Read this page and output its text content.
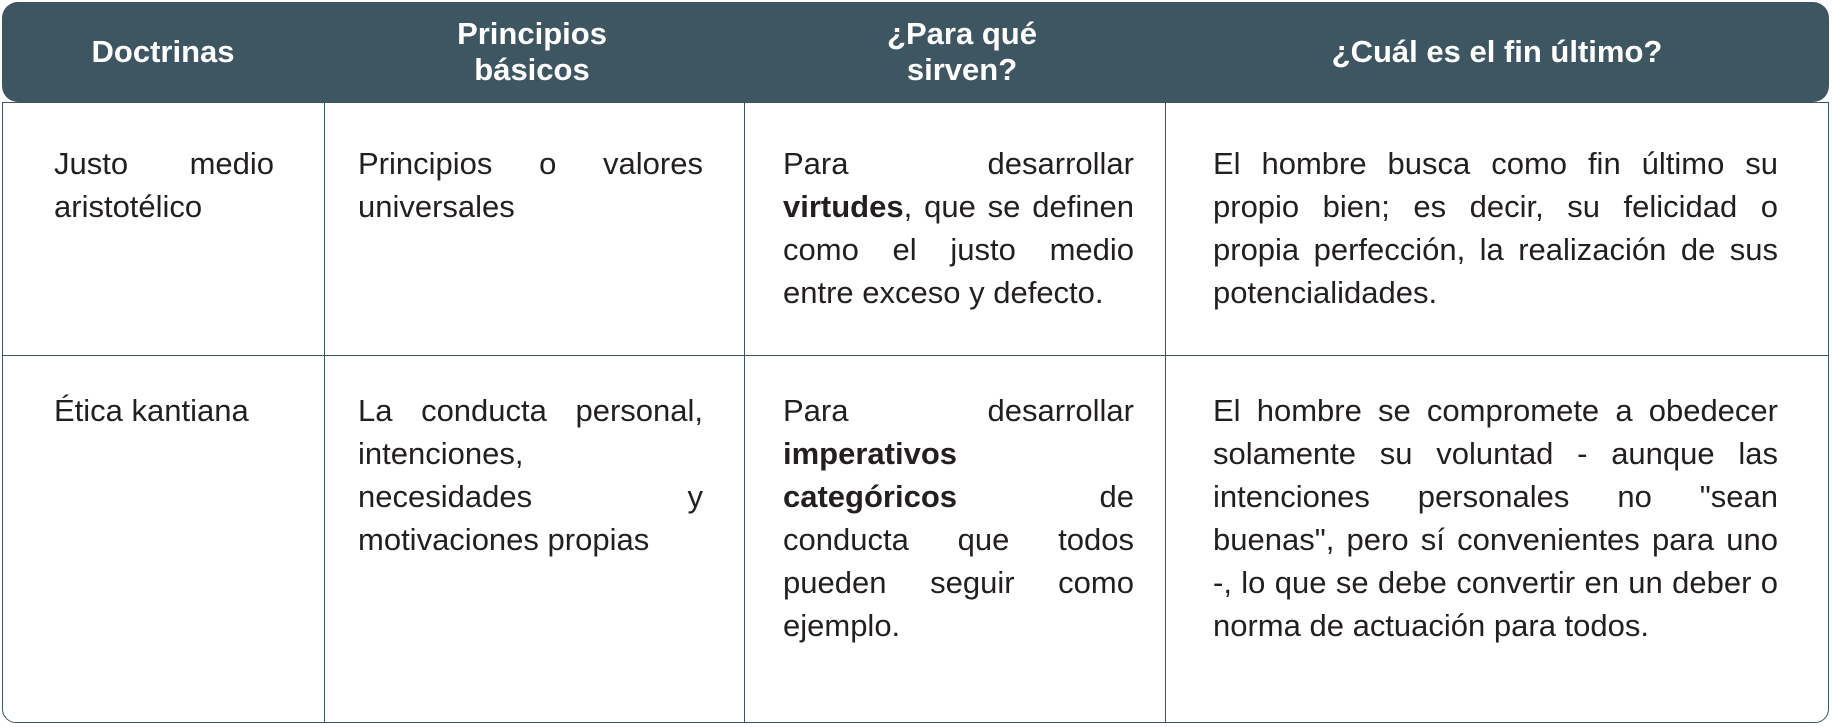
Doctrinas
Principios básicos
¿Para qué sirven?
¿Cuál es el fin último?
Justo medio aristotélico
Principios o valores universales
Para desarrollar virtudes, que se definen como el justo medio entre exceso y defecto.
El hombre busca como fin último su propio bien; es decir, su felicidad o propia perfección, la realización de sus potencialidades.
Ética kantiana	La conducta personal, intenciones, necesidades y motivaciones propias
Para desarrollar imperativos categóricos de conducta que todos pueden seguir como ejemplo.
El hombre se compromete a obedecer solamente su voluntad - aunque las intenciones personales no "sean buenas", pero sí convenientes para uno -, lo que se debe convertir en un deber o norma de actuación para todos.
